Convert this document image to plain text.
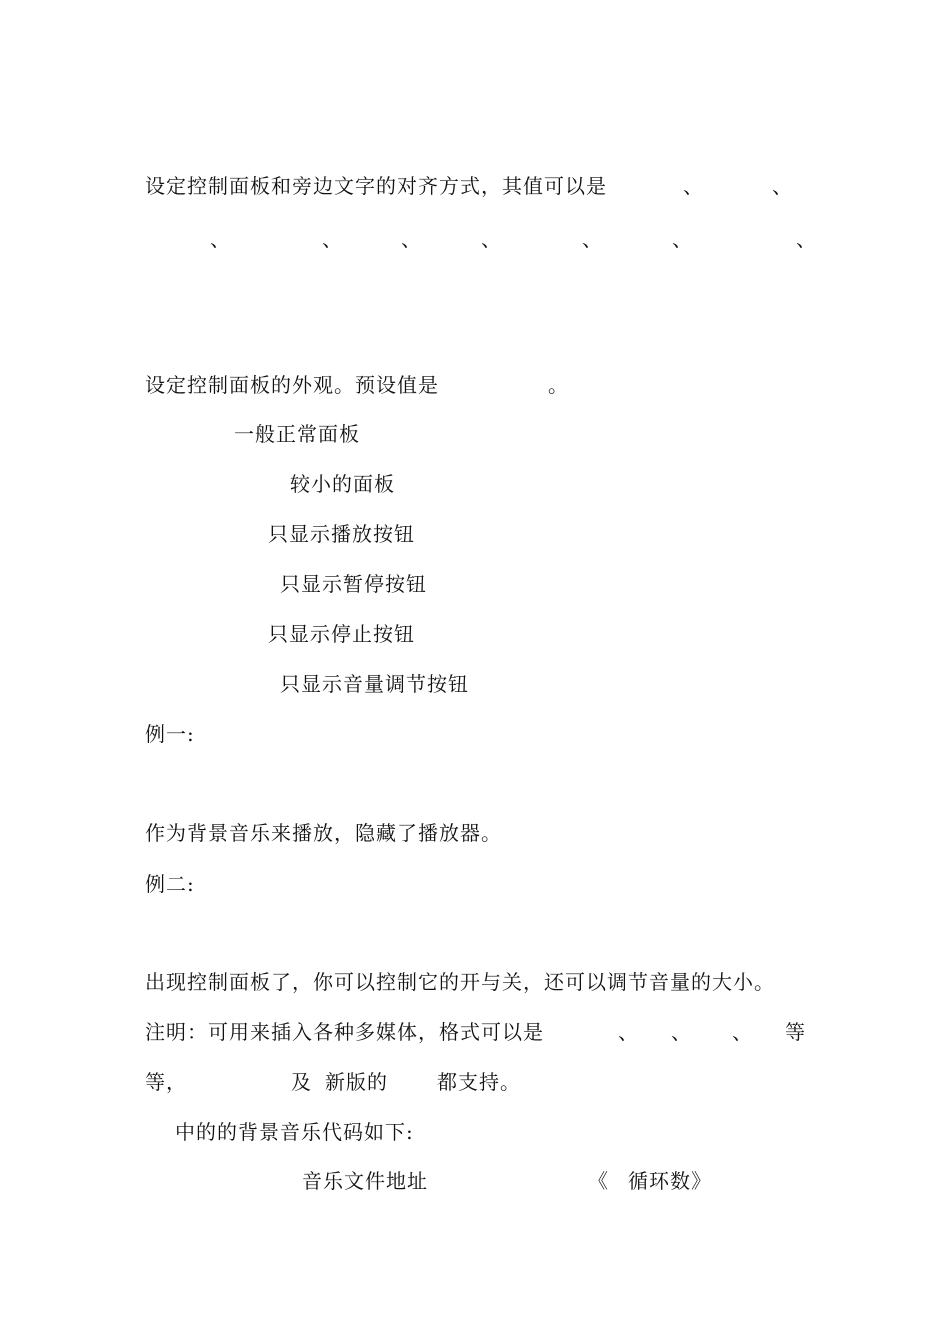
设定控制面板和旁边文字的对齐方式，其值可以是	、	、
、	、	、	、	、	、	、
设定控制面板的外观。预设值是	。
一般正常面板
较小的面板
只显示播放按钮
只显示暂停按钮
只显示停止按钮
只显示音量调节按钮
例一:
作为背景音乐来播放，隐藏了播放器。
例二:
出现控制面板了，你可以控制它的开与关，还可以调节音量的大小。
注明：可用来插入各种多媒体，格式可以是	、 、 、 等
等，	及 新版的 都支持。
中的的背景音乐代码如下:
音乐文件地址	《 循环数》
